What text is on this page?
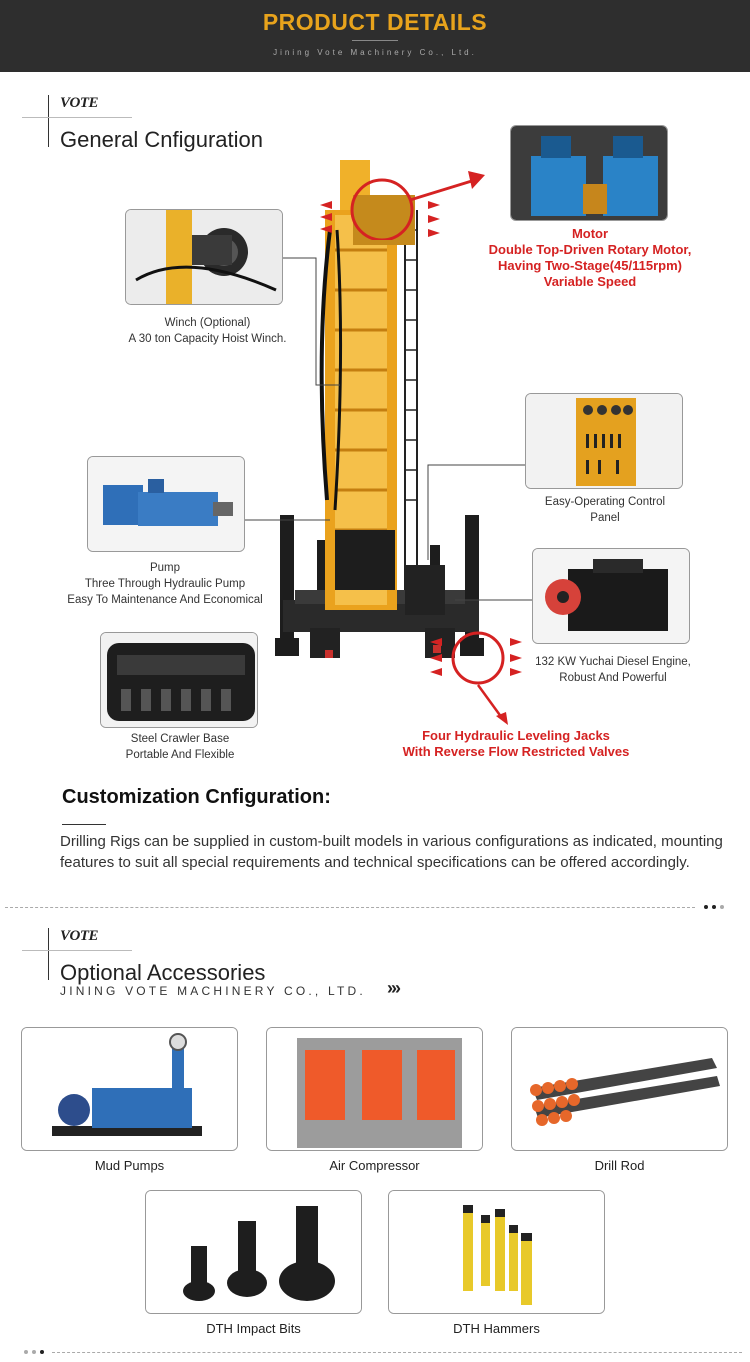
PRODUCT DETAILS
Jining Vote Machinery Co., Ltd.
VOTE
General Cnfiguration
Winch (Optional)
A 30 ton Capacity Hoist Winch.
Motor
Double Top-Driven Rotary Motor,
Having Two-Stage(45/115rpm)
Variable Speed
Easy-Operating Control
Panel
Pump
Three Through Hydraulic Pump
Easy To Maintenance And Economical
132 KW Yuchai Diesel Engine,
Robust And Powerful
Steel Crawler Base
Portable And Flexible
Four Hydraulic Leveling Jacks
With Reverse Flow Restricted Valves
Customization Cnfiguration:
Drilling Rigs can be supplied in custom-built models in various configurations as indicated, mounting features to suit all special requirements and technical specifications can be offered accordingly.
VOTE
Optional Accessories
JINING VOTE MACHINERY CO., LTD. ›››
Mud Pumps	Air Compressor	Drill Rod
DTH Impact Bits	DTH Hammers
